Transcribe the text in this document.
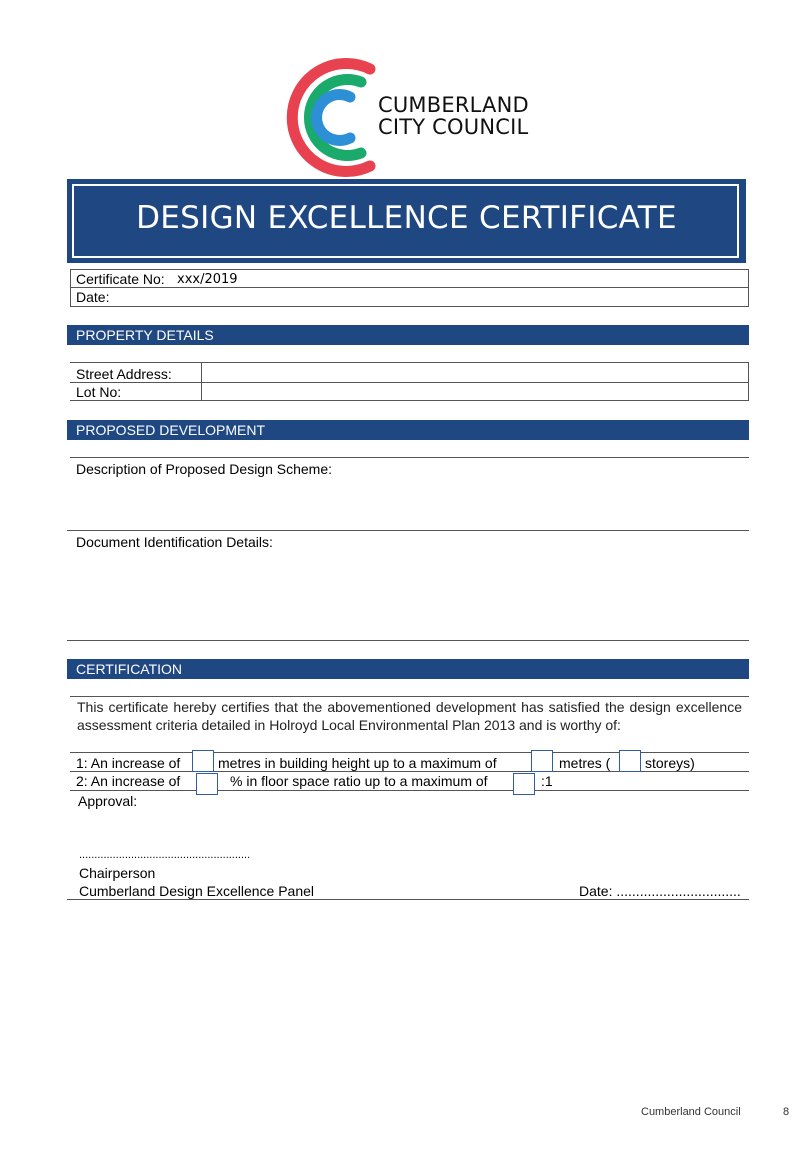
CUMBERLAND
CITY COUNCIL
DESIGN EXCELLENCE CERTIFICATE
Certificate No: xxx/2019
Date:
PROPERTY DETAILS
Street Address:
Lot No:
PROPOSED DEVELOPMENT
Description of Proposed Design Scheme:
Document Identification Details:
CERTIFICATION
This certificate hereby certifies that the abovementioned development has satisfied the design excellence assessment criteria detailed in Holroyd Local Environmental Plan 2013 and is worthy of:
1: An increase of	metres in building height up to a maximum of	metres ( storeys)
2: An increase of	% in floor space ratio up to a maximum of	:1
Approval:
........................................................
Chairperson
Cumberland Design Excellence Panel	Date: ................................
Cumberland Council	8
